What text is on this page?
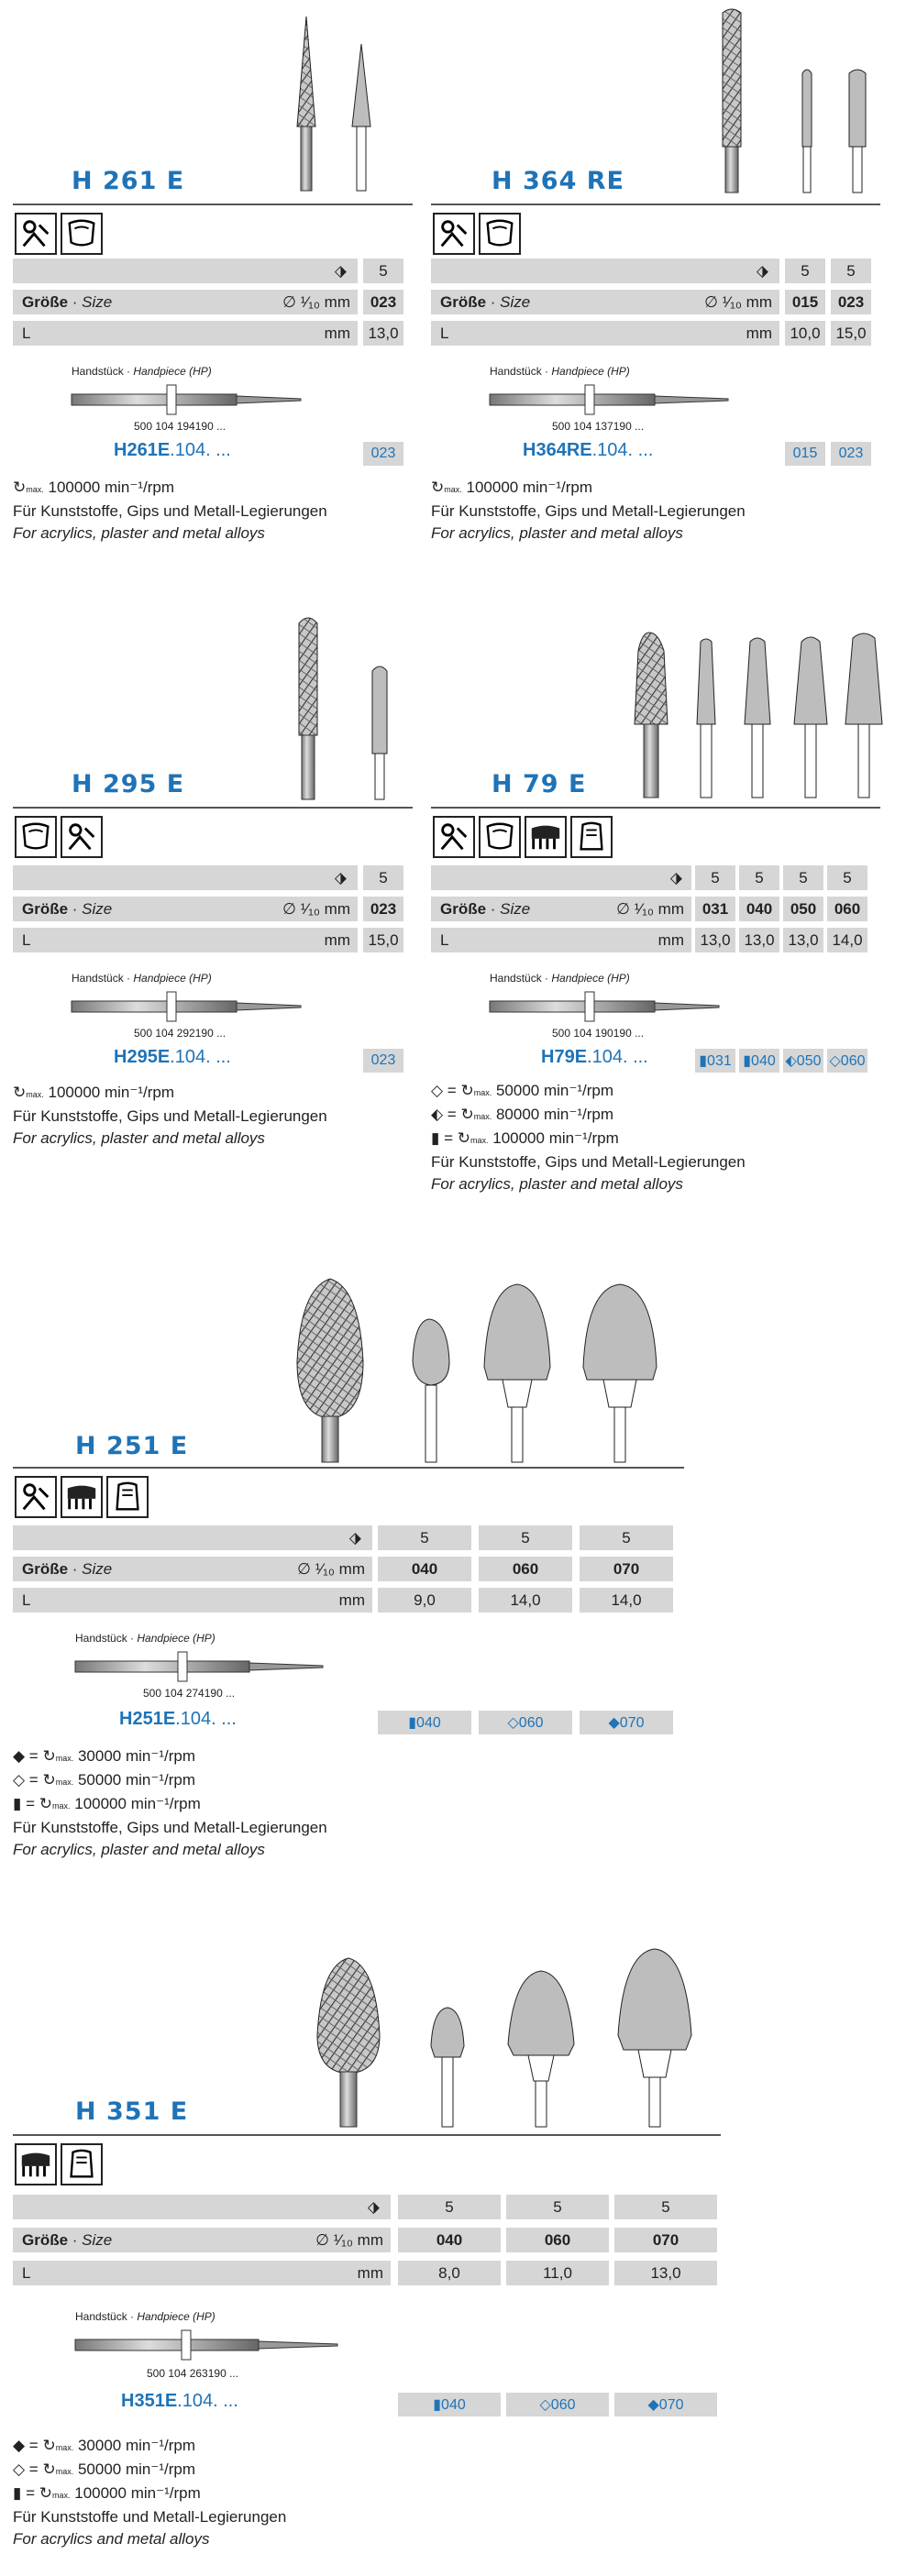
H 261 E
⬗	5
Größe · Size	∅ ¹⁄₁₀ mm	023
L	mm	13,0
Handstück · Handpiece (HP)
500 104 194190 ...
H261E.104. ...	023
↻max. 100000 min⁻¹/rpm
Für Kunststoffe, Gips und Metall-Legierungen
For acrylics, plaster and metal alloys
H 364 RE
⬗	5	5
Größe · Size	∅ ¹⁄₁₀ mm	015	023
L	mm	10,0 15,0
Handstück · Handpiece (HP)
500 104 137190 ...
H364RE.104. ...	015	023
↻max. 100000 min⁻¹/rpm
Für Kunststoffe, Gips und Metall-Legierungen
For acrylics, plaster and metal alloys
H 295 E
⬗	5
Größe · Size	∅ ¹⁄₁₀ mm	023
L	mm	15,0
Handstück · Handpiece (HP)
500 104 292190 ...
H295E.104. ...	023
↻max. 100000 min⁻¹/rpm
Für Kunststoffe, Gips und Metall-Legierungen
For acrylics, plaster and metal alloys
H 79 E
⬗	5	5	5	5
Größe · Size	∅ ¹⁄₁₀ mm	031	040	050	060
L	mm	13,0 13,0 13,0 14,0
Handstück · Handpiece (HP)
500 104 190190 ...
H79E.104. ...	▮031 ▮040 ⬖050 ◇060
◇ = ↻max. 50000 min⁻¹/rpm
⬖ = ↻max. 80000 min⁻¹/rpm
▮ = ↻max. 100000 min⁻¹/rpm
Für Kunststoffe, Gips und Metall-Legierungen
For acrylics, plaster and metal alloys
H 251 E
⬗	5	5	5
Größe · Size	∅ ¹⁄₁₀ mm	040	060	070
L	mm	9,0	14,0	14,0
Handstück · Handpiece (HP)
500 104 274190 ...
H251E.104. ...	▮040	◇060	◆070
◆ = ↻max. 30000 min⁻¹/rpm
◇ = ↻max. 50000 min⁻¹/rpm
▮ = ↻max. 100000 min⁻¹/rpm
Für Kunststoffe, Gips und Metall-Legierungen
For acrylics, plaster and metal alloys
H 351 E
⬗	5	5	5
Größe · Size	∅ ¹⁄₁₀ mm	040	060	070
L	mm	8,0	11,0	13,0
Handstück · Handpiece (HP)
500 104 263190 ...
H351E.104. ...	▮040	◇060	◆070
◆ = ↻max. 30000 min⁻¹/rpm
◇ = ↻max. 50000 min⁻¹/rpm
▮ = ↻max. 100000 min⁻¹/rpm
Für Kunststoffe und Metall-Legierungen
For acrylics and metal alloys
